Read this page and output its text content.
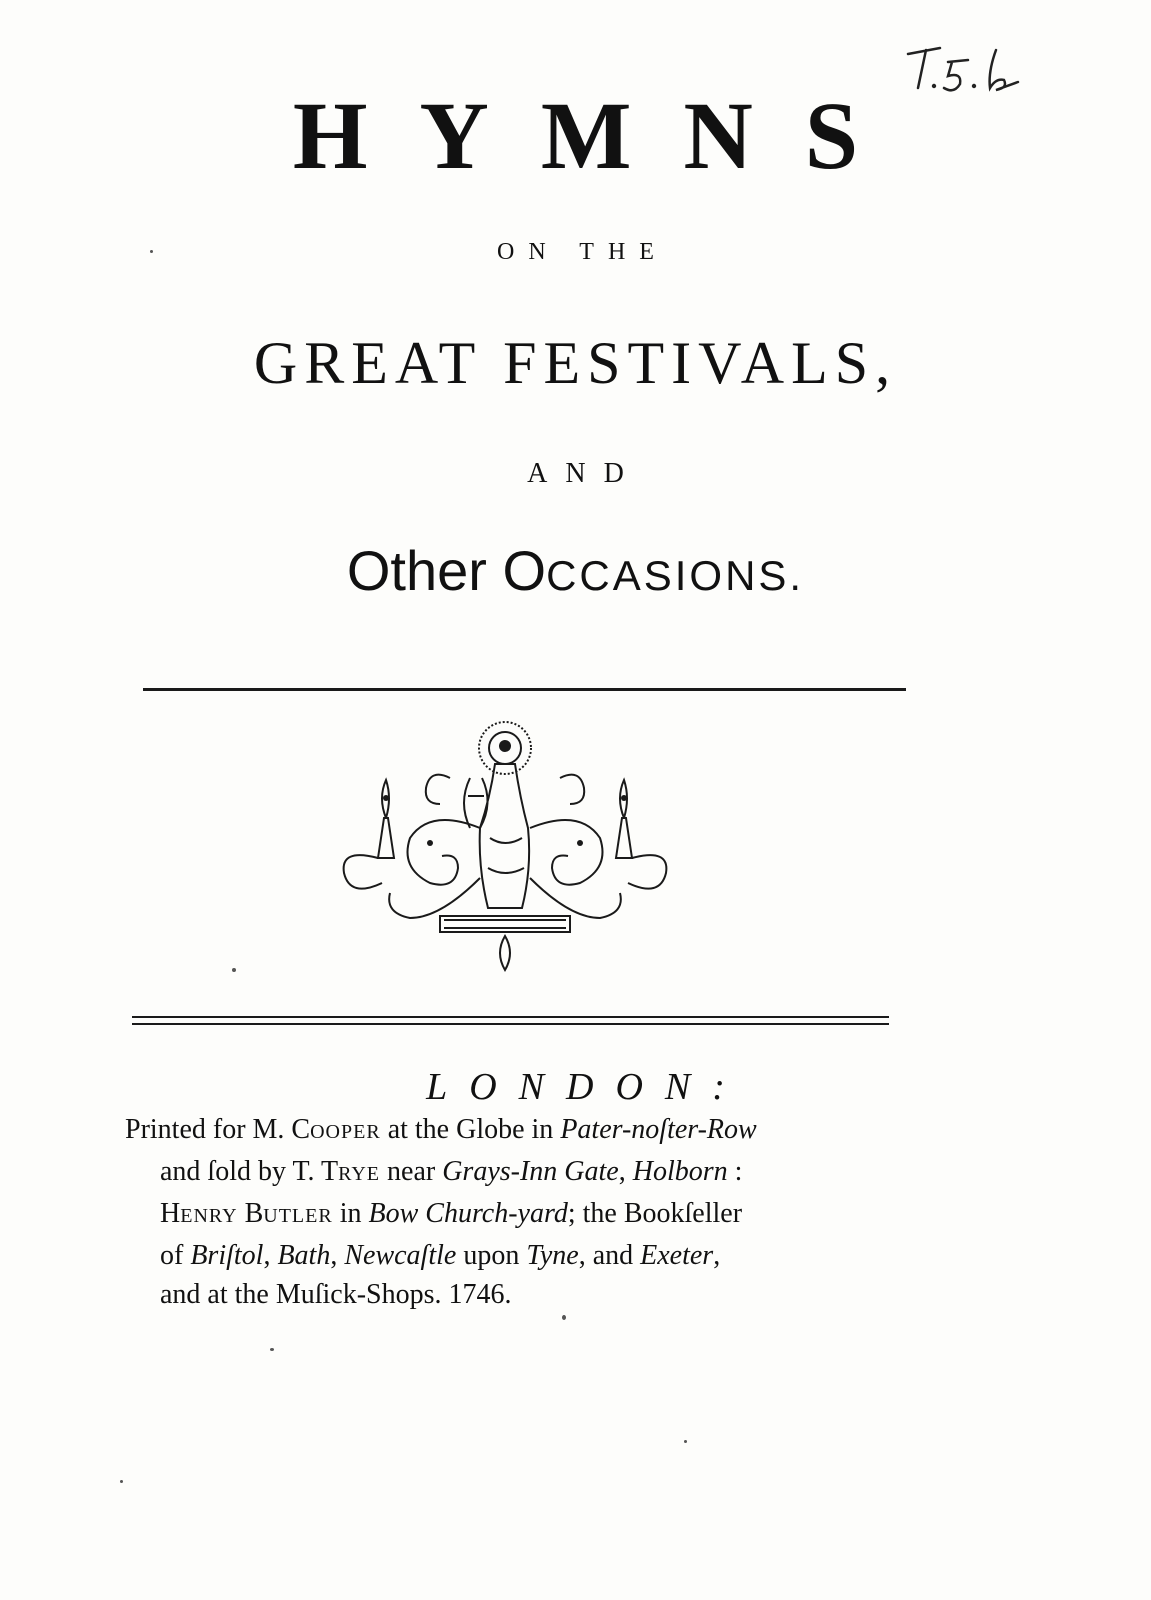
HYMNS
ON THE
GREAT FESTIVALS,
AND
Other OCCASIONS.
LONDON:
Printed for M. COOPER at the Globe in Pater-noſter-Row
and ſold by T. TRYE near Grays-Inn Gate, Holborn :
HENRY BUTLER in Bow Church-yard; the Bookſeller
of Briſtol, Bath, Newcaſtle upon Tyne, and Exeter,
and at the Muſick-Shops. 1746.
